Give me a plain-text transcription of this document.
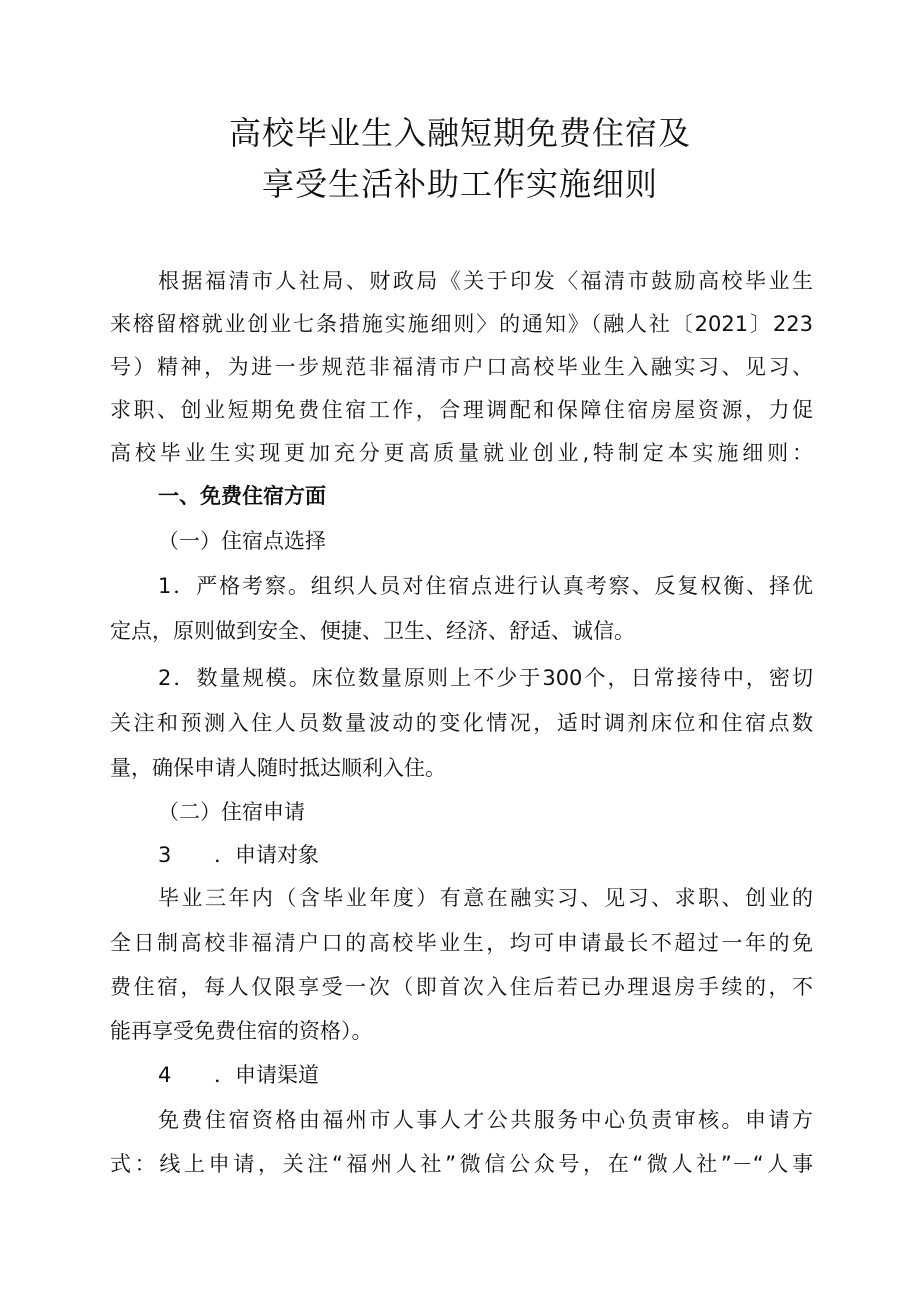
高校毕业生入融短期免费住宿及
享受生活补助工作实施细则
根据福清市人社局、财政局《关于印发〈福清市鼓励高校毕业生
来榕留榕就业创业七条措施实施细则〉的通知》（融人社〔2021〕223
号）精神，为进一步规范非福清市户口高校毕业生入融实习、见习、
求职、创业短期免费住宿工作，合理调配和保障住宿房屋资源，力促
高校毕业生实现更加充分更高质量就业创业,特制定本实施细则：
一、免费住宿方面
（一）住宿点选择
1．严格考察。组织人员对住宿点进行认真考察、反复权衡、择优
定点，原则做到安全、便捷、卫生、经济、舒适、诚信。
2．数量规模。床位数量原则上不少于300个，日常接待中，密切
关注和预测入住人员数量波动的变化情况，适时调剂床位和住宿点数
量，确保申请人随时抵达顺利入住。
（二）住宿申请
3 ．申请对象
毕业三年内（含毕业年度）有意在融实习、见习、求职、创业的
全日制高校非福清户口的高校毕业生，均可申请最长不超过一年的免
费住宿，每人仅限享受一次（即首次入住后若已办理退房手续的，不
能再享受免费住宿的资格）。
4 ．申请渠道
免费住宿资格由福州市人事人才公共服务中心负责审核。申请方
式：线上申请，关注“福州人社”微信公众号，在“微人社”－“人事
